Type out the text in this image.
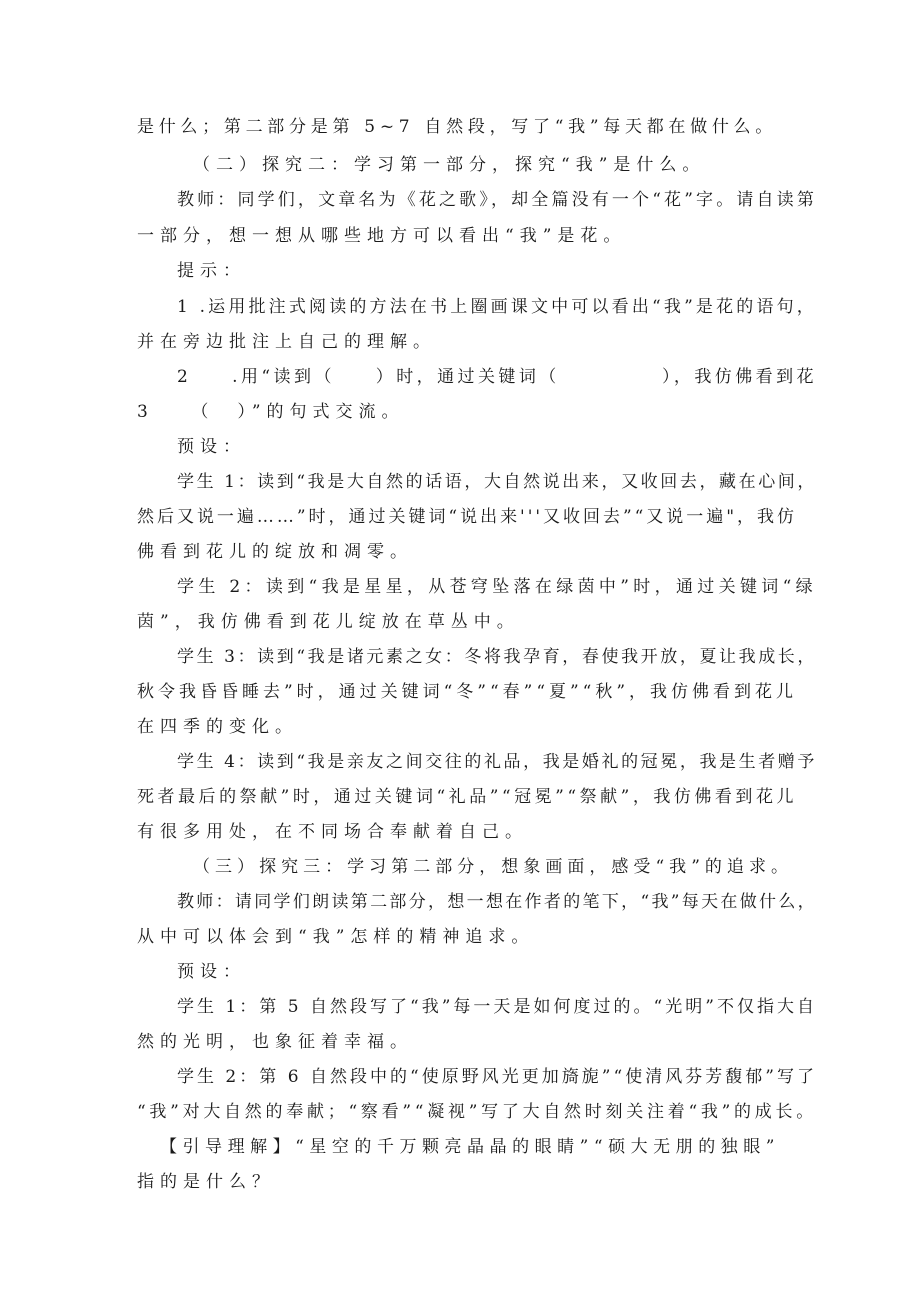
是什么；第二部分是第 5~7 自然段，写了“我”每天都在做什么。
（二）探究二：学习第一部分，探究“我”是什么。
教师：同学们，文章名为《花之歌》，却全篇没有一个“花”字。请自读第
一部分，想一想从哪些地方可以看出“我”是花。
提示：
1 .运用批注式阅读的方法在书上圈画课文中可以看出“我”是花的语句，
并在旁边批注上自己的理解。
2　　.用“读到（　　）时，通过关键词（　　　　　），我仿佛看到花
3　　（　）”的句式交流。
预设：
学生 1：读到“我是大自然的话语，大自然说出来，又收回去，藏在心间，
然后又说一遍……”时，通过关键词“说出来'''又收回去”“又说一遍"，我仿
佛看到花儿的绽放和凋零。
学生 2：读到“我是星星，从苍穹坠落在绿茵中”时，通过关键词“绿
茵”，我仿佛看到花儿绽放在草丛中。
学生 3：读到“我是诸元素之女：冬将我孕育，春使我开放，夏让我成长，
秋令我昏昏睡去”时，通过关键词“冬”“春”“夏”“秋”，我仿佛看到花儿
在四季的变化。
学生 4：读到“我是亲友之间交往的礼品，我是婚礼的冠冕，我是生者赠予
死者最后的祭献”时，通过关键词“礼品”“冠冕”“祭献”，我仿佛看到花儿
有很多用处，在不同场合奉献着自己。
（三）探究三：学习第二部分，想象画面，感受“我”的追求。
教师：请同学们朗读第二部分，想一想在作者的笔下，“我”每天在做什么，
从中可以体会到“我”怎样的精神追求。
预设：
学生 1：第 5 自然段写了“我”每一天是如何度过的。“光明”不仅指大自
然的光明，也象征着幸福。
学生 2：第 6 自然段中的“使原野风光更加旖旎”“使清风芬芳馥郁”写了
“我”对大自然的奉献；“察看”“凝视”写了大自然时刻关注着“我”的成长。
【引导理解】“星空的千万颗亮晶晶的眼睛”“硕大无朋的独眼”
指的是什么？
